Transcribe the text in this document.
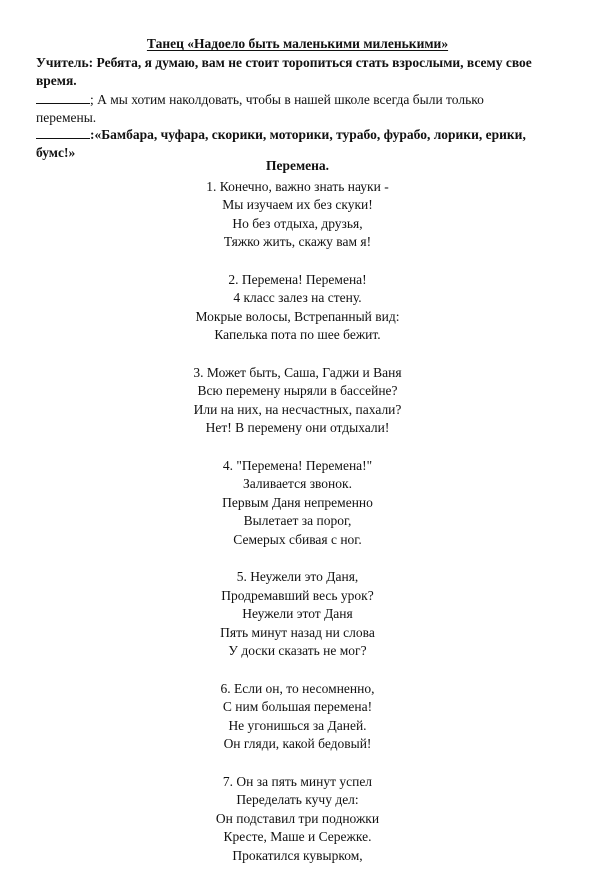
Танец «Надоело быть маленькими миленькими»
Учитель: Ребята, я думаю, вам не стоит торопиться стать взрослыми, всему свое
время.
; А мы хотим наколдовать, чтобы в нашей школе всегда были только
перемены.
:«Бамбара, чуфара, скорики, моторики, турабо, фурабо, лорики, ерики,
бумс!»
Перемена.
1. Конечно, важно знать науки -
Мы изучаем их без скуки!
Но без отдыха, друзья,
Тяжко жить, скажу вам я!
2. Перемена! Перемена!
4 класс залез на стену.
Мокрые волосы, Встрепанный вид:
Капелька пота по шее бежит.
3. Может быть, Саша, Гаджи и Ваня
Всю перемену ныряли в бассейне?
Или на них, на несчастных, пахали?
Нет! В перемену они отдыхали!
4. "Перемена! Перемена!"
Заливается звонок.
Первым Даня непременно
Вылетает за порог,
Семерых сбивая с ног.
5. Неужели это Даня,
Продремавший весь урок?
Неужели этот Даня
Пять минут назад ни слова
У доски сказать не мог?
6. Если он, то несомненно,
С ним большая перемена!
Не угонишься за Даней.
Он гляди, какой бедовый!
7. Он за пять минут успел
Переделать кучу дел:
Он подставил три подножки
Кресте, Маше и Сережке.
Прокатился кувырком,
